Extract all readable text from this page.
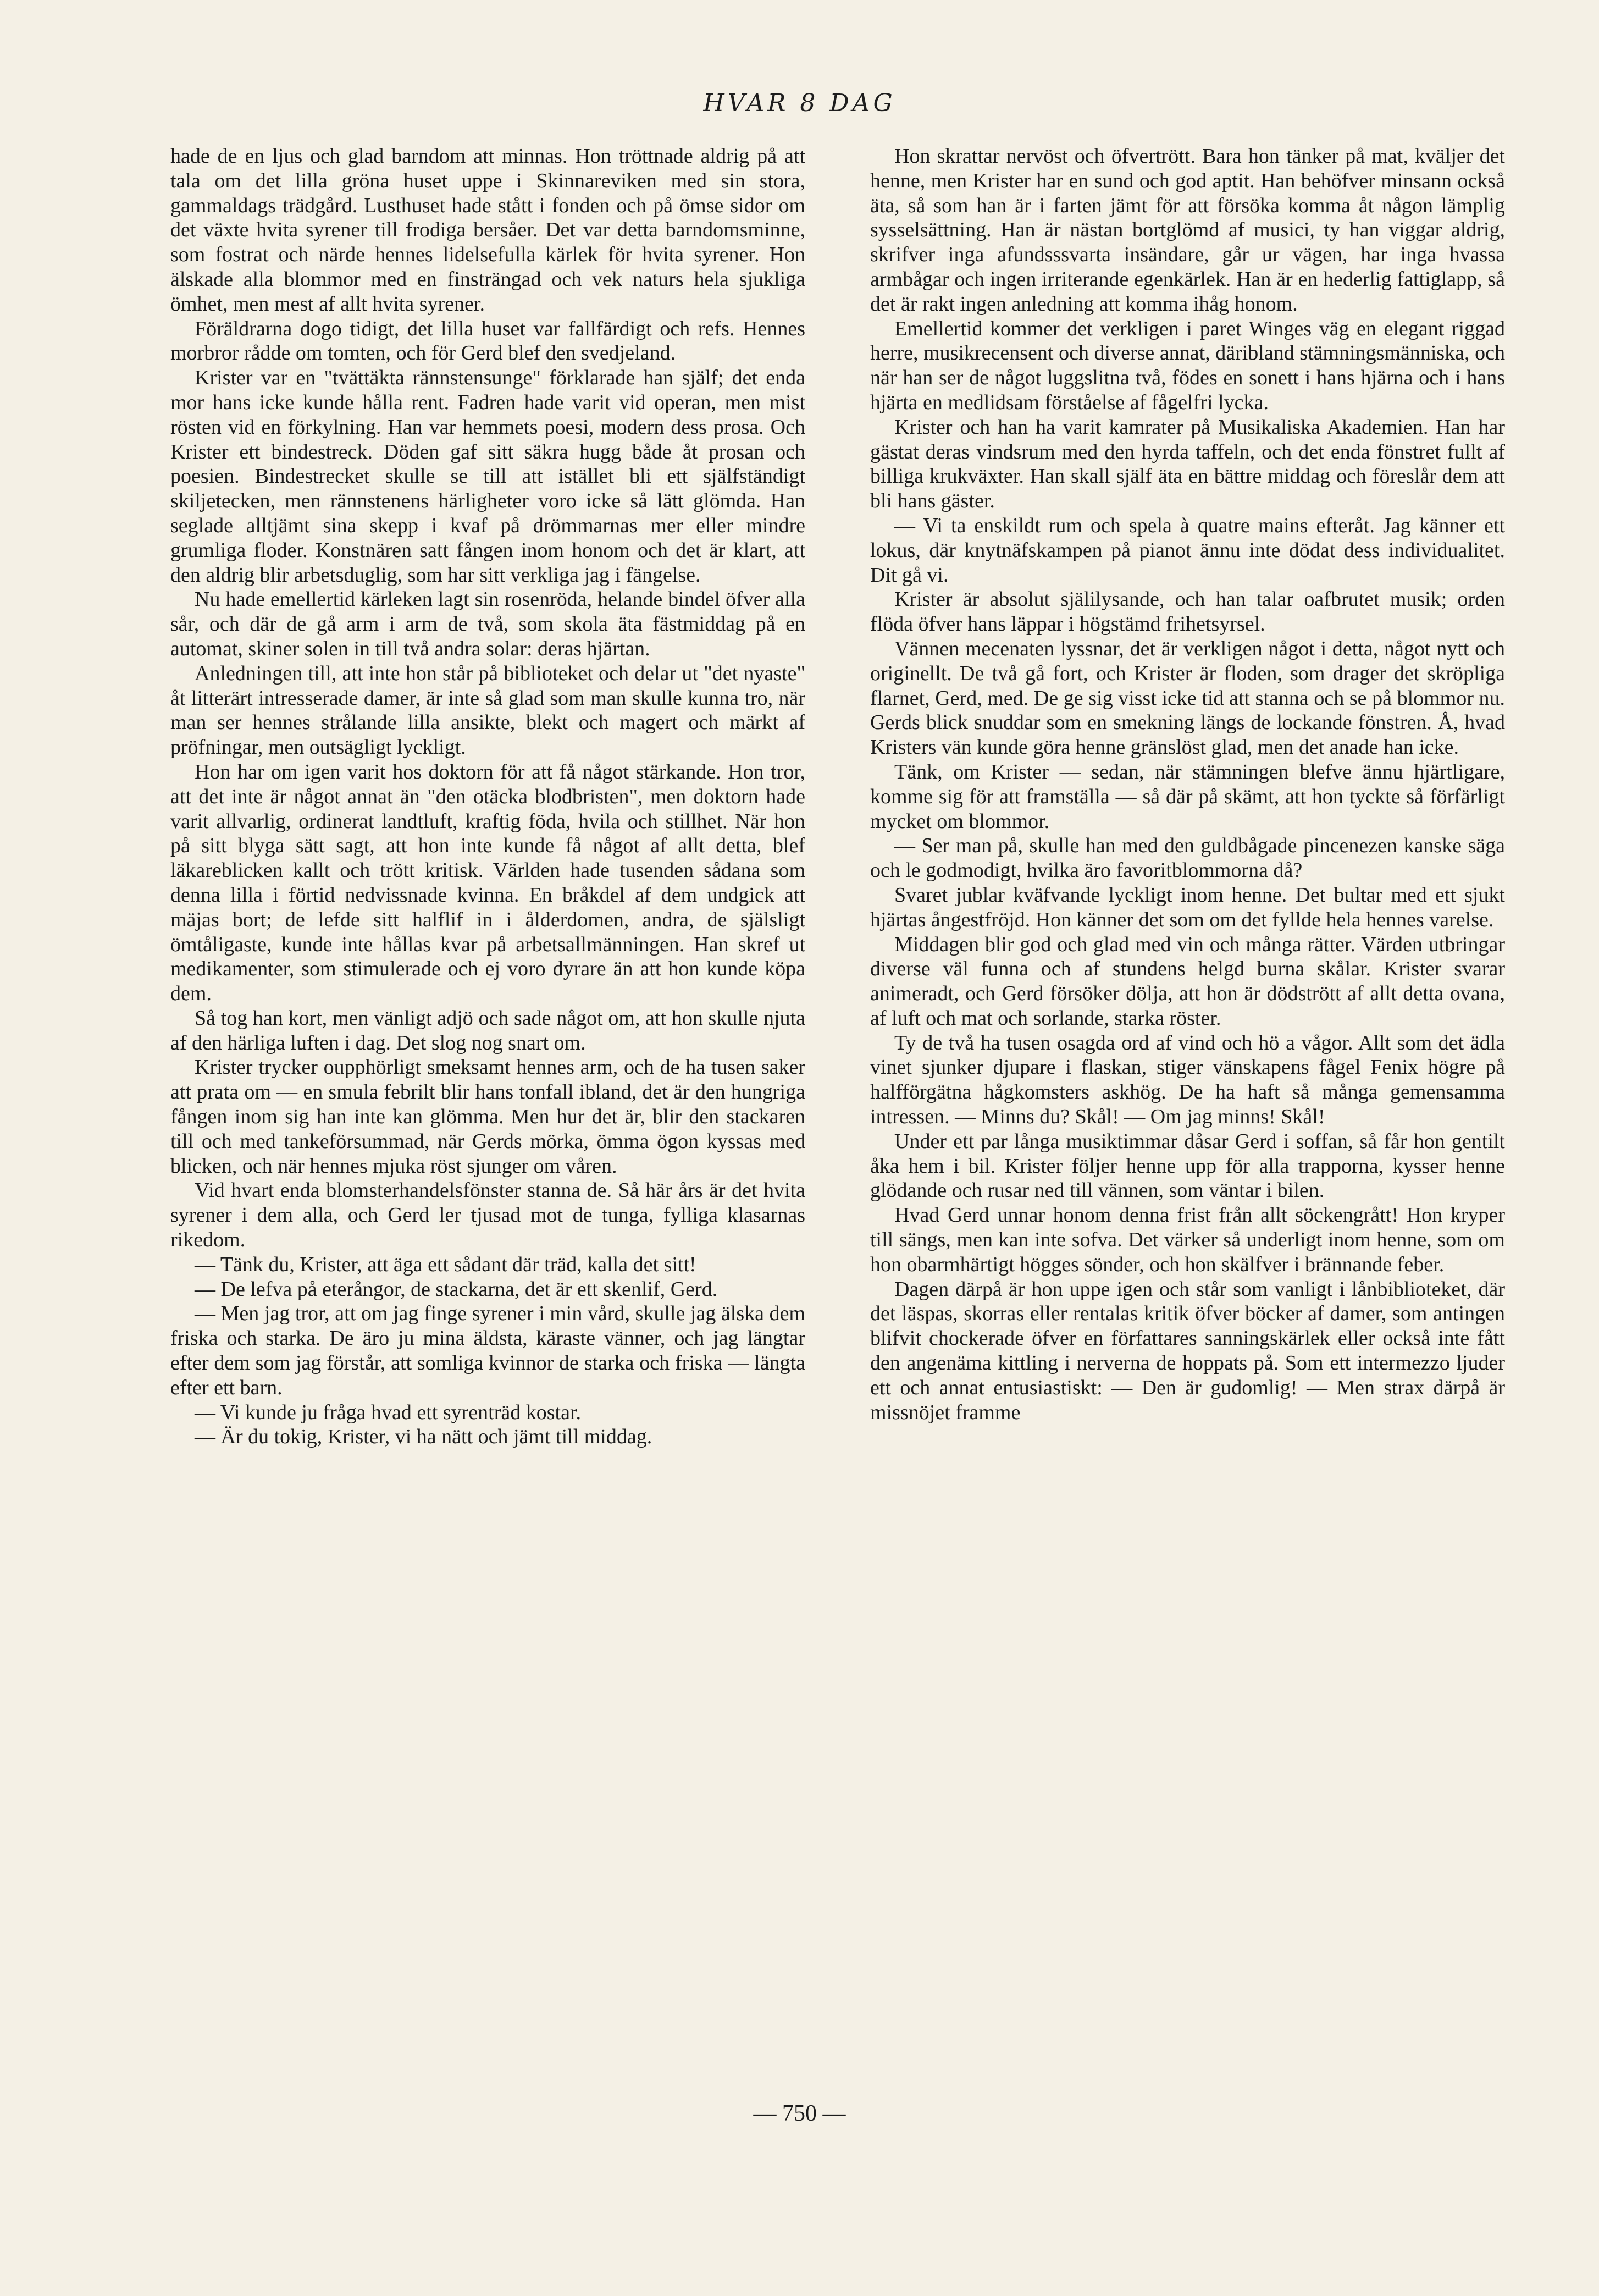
HVAR 8 DAG

hade de en ljus och glad barndom att minnas. Hon tröttnade aldrig på att tala om det lilla gröna huset uppe i Skinnareviken med sin stora, gammaldags trädgård. Lusthuset hade stått i fonden och på ömse sidor om det växte hvita syrener till frodiga bersåer. Det var detta barndomsminne, som fostrat och närde hennes lidelsefulla kärlek för hvita syrener. Hon älskade alla blommor med en finsträngad och vek naturs hela sjukliga ömhet, men mest af allt hvita syrener.

Föräldrarna dogo tidigt, det lilla huset var fallfärdigt och refs. Hennes morbror rådde om tomten, och för Gerd blef den svedjeland.

Krister var en "tvättäkta rännstensunge" förklarade han själf; det enda mor hans icke kunde hålla rent. Fadren hade varit vid operan, men mist rösten vid en förkylning. Han var hemmets poesi, modern dess prosa. Och Krister ett bindestreck. Döden gaf sitt säkra hugg både åt prosan och poesien. Bindestrecket skulle se till att istället bli ett själfständigt skiljetecken, men rännstenens härligheter voro icke så lätt glömda. Han seglade alltjämt sina skepp i kvaf på drömmarnas mer eller mindre grumliga floder. Konstnären satt fången inom honom och det är klart, att den aldrig blir arbetsduglig, som har sitt verkliga jag i fängelse.

Nu hade emellertid kärleken lagt sin rosenröda, helande bindel öfver alla sår, och där de gå arm i arm de två, som skola äta fästmiddag på en automat, skiner solen in till två andra solar: deras hjärtan.

Anledningen till, att inte hon står på biblioteket och delar ut "det nyaste" åt litterärt intresserade damer, är inte så glad som man skulle kunna tro, när man ser hennes strålande lilla ansikte, blekt och magert och märkt af pröfningar, men outsägligt lyckligt.

Hon har om igen varit hos doktorn för att få något stärkande. Hon tror, att det inte är något annat än "den otäcka blodbristen", men doktorn hade varit allvarlig, ordinerat landtluft, kraftig föda, hvila och stillhet. När hon på sitt blyga sätt sagt, att hon inte kunde få något af allt detta, blef läkareblicken kallt och trött kritisk. Världen hade tusenden sådana som denna lilla i förtid nedvissnade kvinna. En bråkdel af dem undgick att mäjas bort; de lefde sitt halflif in i ålderdomen, andra, de själsligt ömtåligaste, kunde inte hållas kvar på arbetsallmänningen. Han skref ut medikamenter, som stimulerade och ej voro dyrare än att hon kunde köpa dem.

Så tog han kort, men vänligt adjö och sade något om, att hon skulle njuta af den härliga luften i dag. Det slog nog snart om.

Krister trycker oupphörligt smeksamt hennes arm, och de ha tusen saker att prata om — en smula febrilt blir hans tonfall ibland, det är den hungriga fången inom sig han inte kan glömma. Men hur det är, blir den stackaren till och med tankeförsummad, när Gerds mörka, ömma ögon kyssas med blicken, och när hennes mjuka röst sjunger om våren.

Vid hvart enda blomsterhandelsfönster stanna de. Så här års är det hvita syrener i dem alla, och Gerd ler tjusad mot de tunga, fylliga klasarnas rikedom.

— Tänk du, Krister, att äga ett sådant där träd, kalla det sitt!

— De lefva på eterångor, de stackarna, det är ett skenlif, Gerd.

— Men jag tror, att om jag finge syrener i min vård, skulle jag älska dem friska och starka. De äro ju mina äldsta, käraste vänner, och jag längtar efter dem som jag förstår, att somliga kvinnor de starka och friska — längta efter ett barn.

— Vi kunde ju fråga hvad ett syrenträd kostar.

— Är du tokig, Krister, vi ha nätt och jämt till middag.

Hon skrattar nervöst och öfvertrött. Bara hon tänker på mat, kväljer det henne, men Krister har en sund och god aptit. Han behöfver minsann också äta, så som han är i farten jämt för att försöka komma åt någon lämplig sysselsättning. Han är nästan bortglömd af musici, ty han viggar aldrig, skrifver inga afundsssvarta insändare, går ur vägen, har inga hvassa armbågar och ingen irriterande egenkärlek. Han är en hederlig fattiglapp, så det är rakt ingen anledning att komma ihåg honom.

Emellertid kommer det verkligen i paret Winges väg en elegant riggad herre, musikrecensent och diverse annat, däribland stämningsmänniska, och när han ser de något luggslitna två, födes en sonett i hans hjärna och i hans hjärta en medlidsam förståelse af fågelfri lycka.

Krister och han ha varit kamrater på Musikaliska Akademien. Han har gästat deras vindsrum med den hyrda taffeln, och det enda fönstret fullt af billiga krukväxter. Han skall själf äta en bättre middag och föreslår dem att bli hans gäster.

— Vi ta enskildt rum och spela à quatre mains efteråt. Jag känner ett lokus, där knytnäfskampen på pianot ännu inte dödat dess individualitet. Dit gå vi.

Krister är absolut själilysande, och han talar oafbrutet musik; orden flöda öfver hans läppar i högstämd frihetsyrsel.

Vännen mecenaten lyssnar, det är verkligen något i detta, något nytt och originellt. De två gå fort, och Krister är floden, som drager det skröpliga flarnet, Gerd, med. De ge sig visst icke tid att stanna och se på blommor nu. Gerds blick snuddar som en smekning längs de lockande fönstren. Å, hvad Kristers vän kunde göra henne gränslöst glad, men det anade han icke.

Tänk, om Krister — sedan, när stämningen blefve ännu hjärtligare, komme sig för att framställa — så där på skämt, att hon tyckte så förfärligt mycket om blommor.

— Ser man på, skulle han med den guldbågade pincenezen kanske säga och le godmodigt, hvilka äro favoritblommorna då?

Svaret jublar kväfvande lyckligt inom henne. Det bultar med ett sjukt hjärtas ångestfröjd. Hon känner det som om det fyllde hela hennes varelse.

Middagen blir god och glad med vin och många rätter. Värden utbringar diverse väl funna och af stundens helgd burna skålar. Krister svarar animeradt, och Gerd försöker dölja, att hon är dödstrött af allt detta ovana, af luft och mat och sorlande, starka röster.

Ty de två ha tusen osagda ord af vind och hö a vågor. Allt som det ädla vinet sjunker djupare i flaskan, stiger vänskapens fågel Fenix högre på halfförgätna hågkomsters askhög. De ha haft så många gemensamma intressen. — Minns du? Skål! — Om jag minns! Skål!

Under ett par långa musiktimmar dåsar Gerd i soffan, så får hon gentilt åka hem i bil. Krister följer henne upp för alla trapporna, kysser henne glödande och rusar ned till vännen, som väntar i bilen.

Hvad Gerd unnar honom denna frist från allt söckengrått! Hon kryper till sängs, men kan inte sofva. Det värker så underligt inom henne, som om hon obarmhärtigt högges sönder, och hon skälfver i brännande feber.

Dagen därpå är hon uppe igen och står som vanligt i lånbiblioteket, där det läspas, skorras eller rentalas kritik öfver böcker af damer, som antingen blifvit chockerade öfver en författares sanningskärlek eller också inte fått den angenäma kittling i nerverna de hoppats på. Som ett intermezzo ljuder ett och annat entusiastiskt: — Den är gudomlig! — Men strax därpå är missnöjet framme

— 750 —
